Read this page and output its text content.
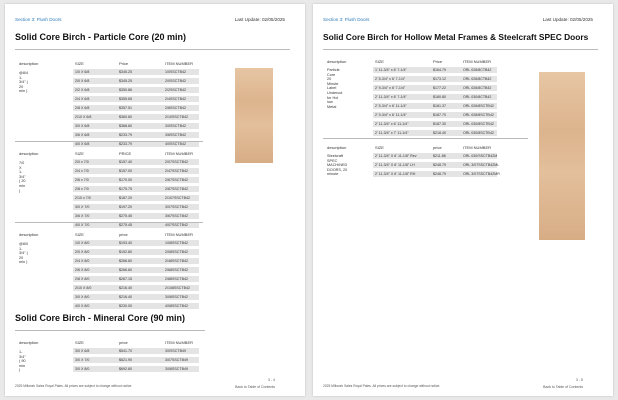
Section 3: Flush Doors	Last Update: 02/05/2025
Solid Core Birch - Particle Core (20 min)
description	SIZE	Price	ITEM NUMBER
@8/4 1-3/4" ( 20 min )
1/0 X 6/8	$345.25	1/0SSCTB42
2/0 X 6/8	$345.25	2/0SSCTB42
2/2 X 6/8	$350.86	2/2SSCTB42
2/4 X 6/8	$355.65	2/4SSCTB42
2/8 X 6/8	$357.51	2/8SSCTB42
2/10 X 6/8	$360.60	2/10SSCTB42
3/0 X 6/8	$368.60	3/0SSCTB42
3/6 X 6/8	$233.79	3/6SSCTB42
4/0 X 6/8	$233.79	4/0SSCTB42
description	SIZE	PRICE	ITEM NUMBER
7/0 X 1-3/4" ( 20 min )
2/0 x 7/0	$157.40	2/07SSCTB42
2/4 x 7/0	$157.00	2/47SSCTB42
2/6 x 7/0	$170.00	2/67SSCTB42
2/8 x 7/0	$175.75	2/87SSCTB42
2/10 x 7/0	$187.20	2/107SSCTB42
3/0 X 7/0	$197.20	3/07SSCTB42
3/6 X 7/0	$275.45	3/67SSCTB42
4/0 X 7/0	$275.45	4/07SSCTB42
description	SIZE	price	ITEM NUMBER
@8/0 1-3/4" ( 20 min )
1/0 X 8/0	$193.40	1/08SSCTB42
2/0 X 8/0	$192.80	2/08SSCTB42
2/4 X 8/0	$266.60	2/48SSCTB42
2/6 X 8/0	$266.60	2/68SSCTB42
2/8 X 8/0	$267.15	2/88SSCTB42
2/10 X 8/0	$216.40	2/108SSCTB42
3/0 X 8/0	$216.40	3/08SSCTB42
4/0 X 8/0	$230.00	4/08SSCTB42
Solid Core Birch - Mineral Core (90 min)
description	SIZE	price	ITEM NUMBER
1-3/4" ( 90 min )
3/0 X 6/8	$541.70	3/0SSCTB49
3/0 X 7/0	$621.90	3/07SSCTB49
3/0 X 8/0	$692.80	3/08SSCTB49
2025 Millwork Sales Royal Pales. All prices are subject to change without notice.
3 - 4
Back to Table of Contents
Section 3: Flush Doors	Last Update: 02/05/2025
Solid Core Birch for Hollow Metal Frames & Steelcraft SPEC Doors
description	SIZE	Price	ITEM NUMBER
Particle Core
20 Minute Label
Undercut for Hol
low Metal
1' 11-3/4" x 6' 7-1/4"	$164.79	ORL 026/8CTB42
2' 5-3/4" x 6' 7-1/4"	$173.12	ORL 026/8CTB42
2' 9-3/4" x 6' 7-1/4"	$177.22	ORL 026/8CTB42
2' 11-3/4" x 6' 7-1/4"	$180.80	ORL 030/8CTB42
2' 5-3/4" x 6' 11-1/4"	$181.37	ORL 026/8SCTB42
2' 9-3/4" x 6' 11-1/4"	$187.70	ORL 028/8SCTB42
2' 11-3/4" x 6' 11-1/4"	$187.30	ORL 030/8SCTB42
2' 11-3/4" x 7' 11-1/4"	$218.40	ORL 030/8SCTB42
description	SIZE	price	ITEM NUMBER
Steelcraft SPEC
MACHINED
DOORS, 20 minute
2' 11-3/4" X 6' 11-1/8" Rev	$211.86	ORL 030/SSCTB42M
2' 11-3/4" X 6' 11-1/8" LH	$248.79	ORL 3/07SSCTB42ML
2' 11-3/4" X 6' 11-1/8" RH	$248.79	ORL 3/07SSCTB42MR
2025 Millwork Sales Royal Pales. All prices are subject to change without notice.
3 - 5
Back to Table of Contents
